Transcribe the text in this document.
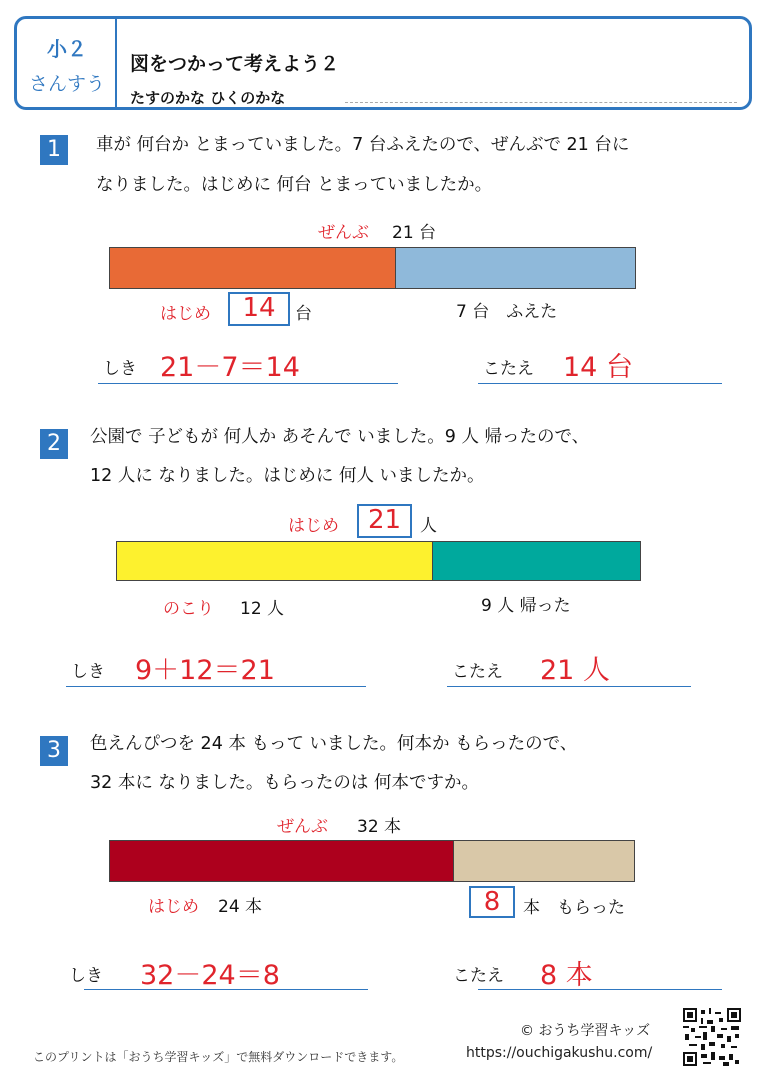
小２
さんすう
図をつかって考えよう２
たすのかな ひくのかな
1	車が 何台か とまっていました。7 台ふえたので、ぜんぶで 21 台に
なりました。はじめに 何台 とまっていましたか。
ぜんぶ 21 台
はじめ	14	台	7 台　ふえた
しき 21－7＝14	こたえ 14 台
2	公園で 子どもが 何人か あそんで いました。9 人 帰ったので、
12 人に なりました。はじめに 何人 いましたか。
はじめ	21	人
のこり 12 人	9 人 帰った
しき 9＋12＝21	こたえ 21 人
3	色えんぴつを 24 本 もって いました。何本か もらったので、
32 本に なりました。もらったのは 何本ですか。
ぜんぶ 32 本
はじめ 24 本	8	本　もらった
しき 32－24＝8	こたえ 8 本
© おうち学習キッズ
このプリントは「おうち学習キッズ」で無料ダウンロードできます。	https://ouchigakushu.com/
